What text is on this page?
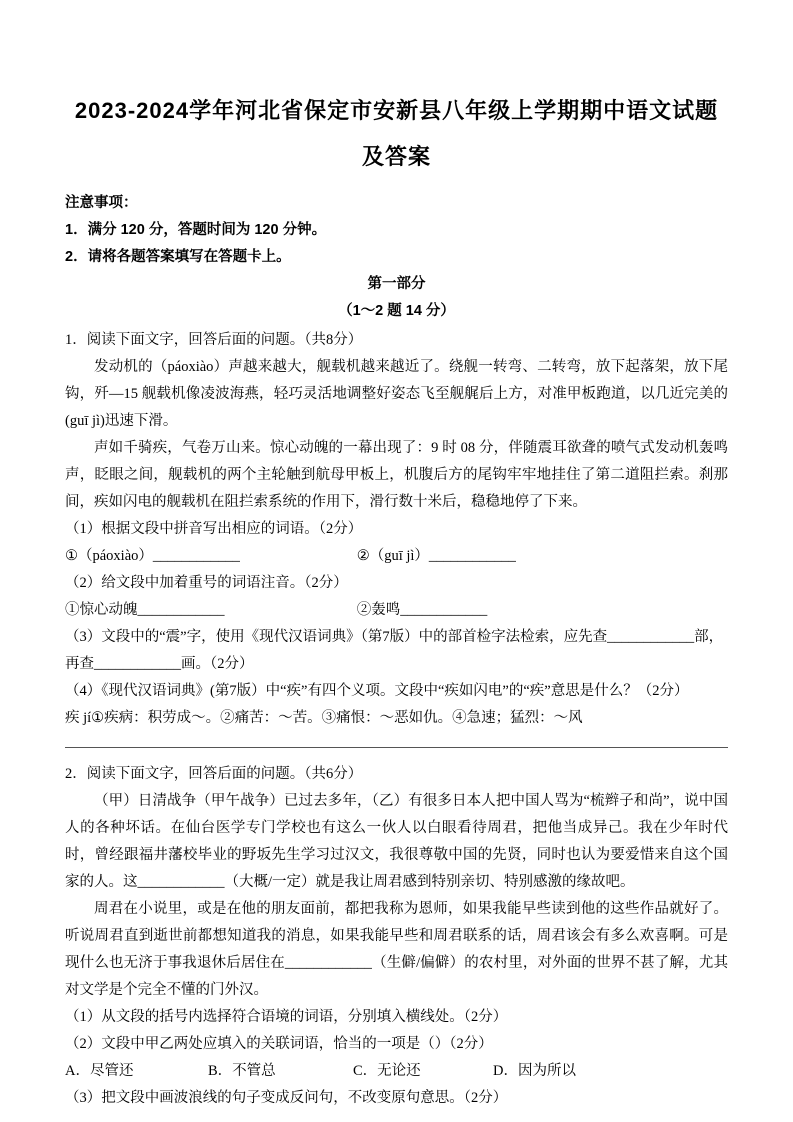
2023-2024学年河北省保定市安新县八年级上学期期中语文试题及答案
注意事项：
1．满分 120 分，答题时间为 120 分钟。
2．请将各题答案填写在答题卡上。
第一部分
（1～2 题 14 分）
1．阅读下面文字，回答后面的问题。（共8分）
发动机的（páoxiào）声越来越大，舰载机越来越近了。绕舰一转弯、二转弯，放下起落架，放下尾钩，歼—15 舰载机像凌波海燕，轻巧灵活地调整好姿态飞至舰艉后上方，对准甲板跑道，以几近完美的(guī jì)迅速下滑。
声如千骑疾，气卷万山来。惊心动魄的一幕出现了：9 时 08 分，伴随震耳欲聋的喷气式发动机轰鸣声，眨眼之间，舰载机的两个主轮触到航母甲板上，机腹后方的尾钩牢牢地挂住了第二道阻拦索。刹那间，疾如闪电的舰载机在阻拦索系统的作用下，滑行数十米后，稳稳地停了下来。
（1）根据文段中拼音写出相应的词语。（2分）
①（páoxiào）____________	②（guī jì）____________
（2）给文段中加着重号的词语注音。（2分）
①惊心动魄____________	②轰鸣____________
（3）文段中的“震”字，使用《现代汉语词典》（第7版）中的部首检字法检索，应先查____________部，再查____________画。（2分）
（4）《现代汉语词典》(第7版）中“疾”有四个义项。文段中“疾如闪电”的“疾”意思是什么？（2分）
疾 jí①疾病：积劳成～。②痛苦：～苦。③痛恨：～恶如仇。④急速；猛烈：～风
2．阅读下面文字，回答后面的问题。（共6分）
（甲）日清战争（甲午战争）已过去多年，（乙）有很多日本人把中国人骂为“梳辫子和尚”，说中国人的各种坏话。在仙台医学专门学校也有这么一伙人以白眼看待周君，把他当成异己。我在少年时代时，曾经跟福井藩校毕业的野坂先生学习过汉文，我很尊敬中国的先贤，同时也认为要爱惜来自这个国家的人。这____________（大概/一定）就是我让周君感到特别亲切、特别感激的缘故吧。
周君在小说里，或是在他的朋友面前，都把我称为恩师，如果我能早些读到他的这些作品就好了。听说周君直到逝世前都想知道我的消息，如果我能早些和周君联系的话，周君该会有多么欢喜啊。可是现什么也无济于事我退休后居住在____________（生僻/偏僻）的农村里，对外面的世界不甚了解，尤其对文学是个完全不懂的门外汉。
（1）从文段的括号内选择符合语境的词语，分别填入横线处。（2分）
（2）文段中甲乙两处应填入的关联词语，恰当的一项是（）（2分）
A．尽管还	B．不管总	C．无论还	D．因为所以
（3）把文段中画波浪线的句子变成反问句，不改变原句意思。（2分）
